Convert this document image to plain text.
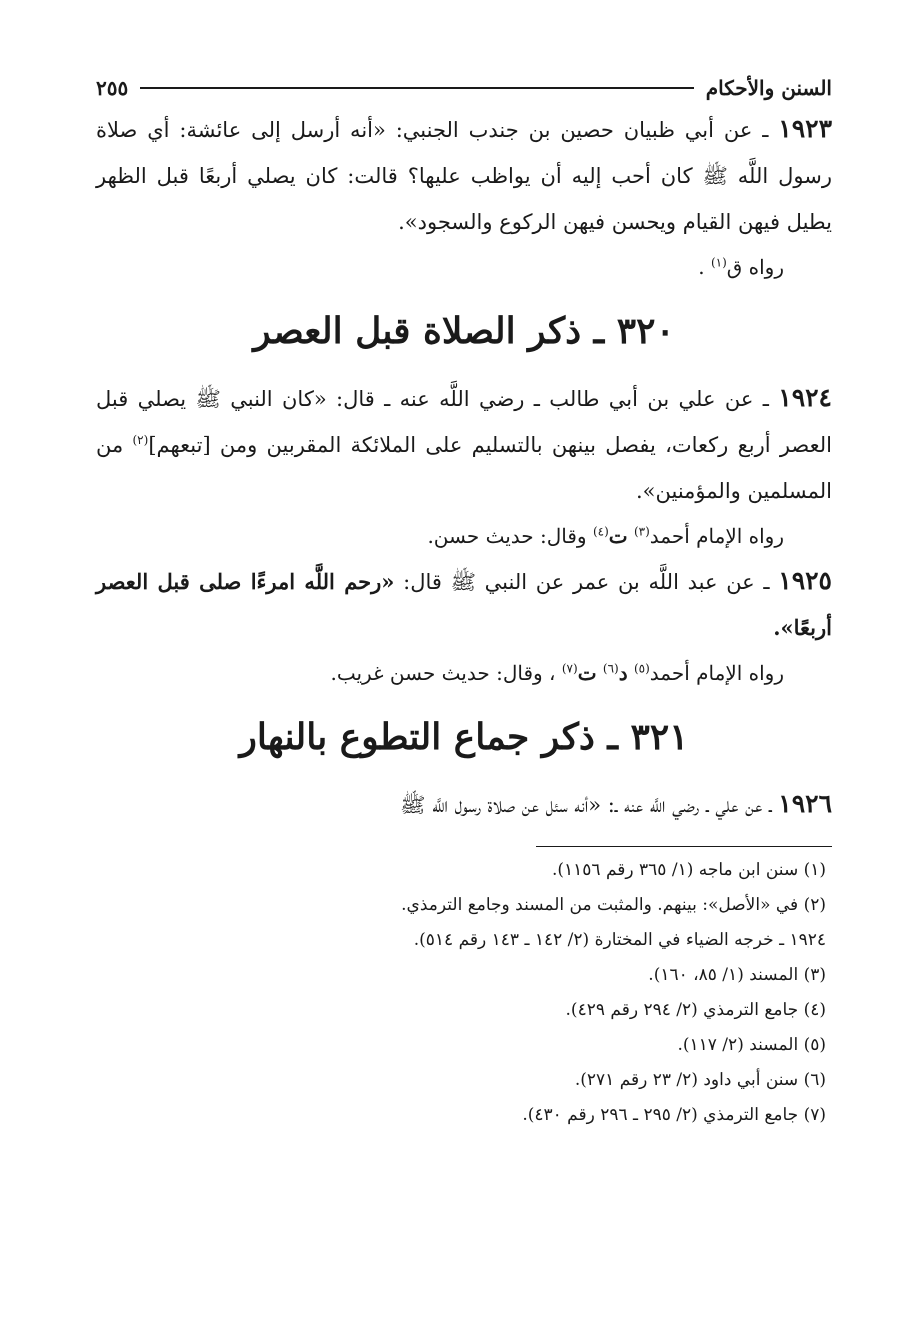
السنن والأحكام
٢٥٥

١٩٢٣ ـ عن أبي ظبيان حصين بن جندب الجنبي: «أنه أرسل إلى عائشة: أي صلاة رسول اللَّه ﷺ كان أحب إليه أن يواظب عليها؟ قالت: كان يصلي أربعًا قبل الظهر يطيل فيهن القيام ويحسن فيهن الركوع والسجود».

رواه ق$^{(١)}$ .

٣٢٠ ـ ذكر الصلاة قبل العصر

١٩٢٤ ـ عن علي بن أبي طالب ـ رضي اللَّه عنه ـ قال: «كان النبي ﷺ يصلي قبل العصر أربع ركعات، يفصل بينهن بالتسليم على الملائكة المقربين ومن [تبعهم]$^{(٢)}$ من المسلمين والمؤمنين».

رواه الإمام أحمد$^{(٣)}$ ت$^{(٤)}$ وقال: حديث حسن.

١٩٢٥ ـ عن عبد اللَّه بن عمر عن النبي ﷺ قال: «رحم اللَّه امرءًا صلى قبل العصر أربعًا».

رواه الإمام أحمد$^{(٥)}$ د$^{(٦)}$ ت$^{(٧)}$ ، وقال: حديث حسن غريب.

٣٢١ ـ ذكر جماع التطوع بالنهار

١٩٢٦ ـ عن علي ـ رضي اللَّه عنه ـ: «أنه سئل عن صلاة رسول اللَّه ﷺ

(١) سنن ابن ماجه (١/ ٣٦٥ رقم ١١٥٦).

(٢) في «الأصل»: بينهم. والمثبت من المسند وجامع الترمذي.

١٩٢٤ ـ خرجه الضياء في المختارة (٢/ ١٤٢ ـ ١٤٣ رقم ٥١٤).

(٣) المسند (١/ ٨٥، ١٦٠).

(٤) جامع الترمذي (٢/ ٢٩٤ رقم ٤٢٩).

(٥) المسند (٢/ ١١٧).

(٦) سنن أبي داود (٢/ ٢٣ رقم ٢٧١).

(٧) جامع الترمذي (٢/ ٢٩٥ ـ ٢٩٦ رقم ٤٣٠).
